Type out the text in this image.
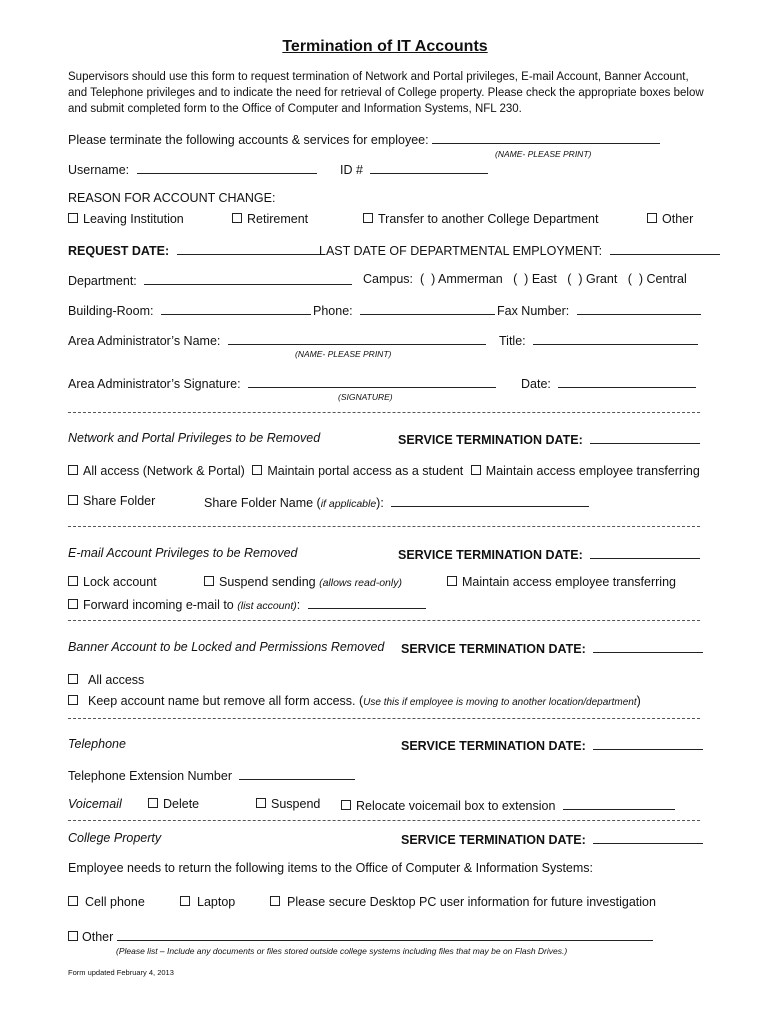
Termination of IT Accounts
Supervisors should use this form to request termination of Network and Portal privileges, E-mail Account, Banner Account, and Telephone privileges and to indicate the need for retrieval of College property. Please check the appropriate boxes below and submit completed form to the Office of Computer and Information Systems, NFL 230.
Please terminate the following accounts & services for employee:
(NAME- PLEASE PRINT)
Username:	ID #
REASON FOR ACCOUNT CHANGE:
Leaving Institution	Retirement	Transfer to another College Department	Other
REQUEST DATE:	LAST DATE OF DEPARTMENTAL EMPLOYMENT:
Department:	Campus:  (  ) Ammerman   (  ) East   (  ) Grant   (  ) Central
Building-Room:	Phone:	Fax Number:
Area Administrator’s Name:
(NAME- PLEASE PRINT)
Title:
Area Administrator’s Signature:
(SIGNATURE)
Date:
Network and Portal Privileges to be Removed	SERVICE TERMINATION DATE:
All access (Network & Portal) Maintain portal access as a student Maintain access employee transferring
Share Folder	Share Folder Name (if applicable):
E-mail Account Privileges to be Removed	SERVICE TERMINATION DATE:
Lock account	Suspend sending (allows read-only)	Maintain access employee transferring
Forward incoming e-mail to (list account):
Banner Account to be Locked and Permissions Removed SERVICE TERMINATION DATE:
All access
Keep account name but remove all form access. (Use this if employee is moving to another location/department)
Telephone	SERVICE TERMINATION DATE:
Telephone Extension Number
Voicemail	Delete	Suspend	Relocate voicemail box to extension
College Property	SERVICE TERMINATION DATE:
Employee needs to return the following items to the Office of Computer & Information Systems:
Cell phone	Laptop	Please secure Desktop PC user information for future investigation
Other
(Please list – Include any documents or files stored outside college systems including files that may be on Flash Drives.)
Form updated February 4, 2013
